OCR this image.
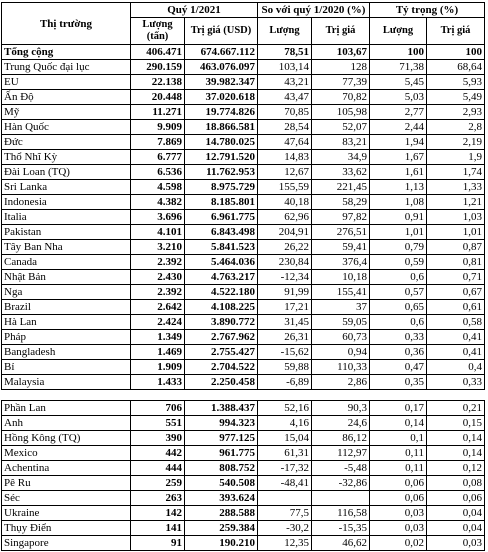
Thị trường	Quý 1/2021		So với quý 1/2020 (%)		Tỷ trọng (%)	
	Lượng (tấn)	Trị giá (USD)	Lượng	Trị giá	Lượng	Trị giá
Tổng cộng	406.471	674.667.112	78,51	103,67	100	100
Trung Quốc đại lục	290.159	463.076.097	103,14	128	71,38	68,64
EU	22.138	39.982.347	43,21	77,39	5,45	5,93
Ấn Độ	20.448	37.020.618	43,47	70,82	5,03	5,49
Mỹ	11.271	19.774.826	70,85	105,98	2,77	2,93
Hàn Quốc	9.909	18.866.581	28,54	52,07	2,44	2,8
Đức	7.869	14.780.025	47,64	83,21	1,94	2,19
Thổ Nhĩ Kỳ	6.777	12.791.520	14,83	34,9	1,67	1,9
Đài Loan (TQ)	6.536	11.762.953	12,67	33,62	1,61	1,74
Sri Lanka	4.598	8.975.729	155,59	221,45	1,13	1,33
Indonesia	4.382	8.185.801	40,18	58,29	1,08	1,21
Italia	3.696	6.961.775	62,96	97,82	0,91	1,03
Pakistan	4.101	6.843.498	204,91	276,51	1,01	1,01
Tây Ban Nha	3.210	5.841.523	26,22	59,41	0,79	0,87
Canada	2.392	5.464.036	230,84	376,4	0,59	0,81
Nhật Bản	2.430	4.763.217	-12,34	10,18	0,6	0,71
Nga	2.392	4.522.180	91,99	155,41	0,57	0,67
Brazil	2.642	4.108.225	17,21	37	0,65	0,61
Hà Lan	2.424	3.890.772	31,45	59,05	0,6	0,58
Pháp	1.349	2.767.962	26,31	60,73	0,33	0,41
Bangladesh	1.469	2.755.427	-15,62	0,94	0,36	0,41
Bỉ	1.909	2.704.522	59,88	110,33	0,47	0,4
Malaysia	1.433	2.250.458	-6,89	2,86	0,35	0,33

Phần Lan	706	1.388.437	52,16	90,3	0,17	0,21
Anh	551	994.323	4,16	24,6	0,14	0,15
Hồng Kông (TQ)	390	977.125	15,04	86,12	0,1	0,14
Mexico	442	961.775	61,31	112,97	0,11	0,14
Achentina	444	808.752	-17,32	-5,48	0,11	0,12
Pê Ru	259	540.508	-48,41	-32,86	0,06	0,08
Séc	263	393.624			0,06	0,06
Ukraine	142	288.588	77,5	116,58	0,03	0,04
Thụy Điển	141	259.384	-30,2	-15,35	0,03	0,04
Singapore	91	190.210	12,35	46,62	0,02	0,03
